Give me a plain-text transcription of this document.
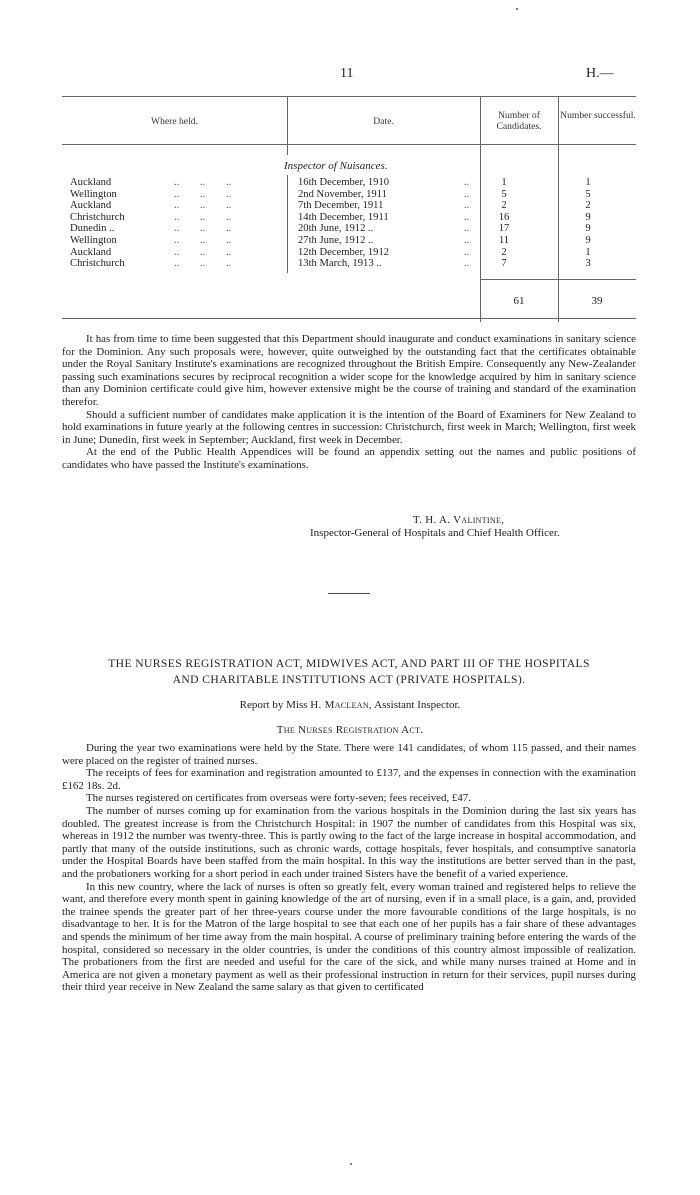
11	H.—
Where held.	Date.
Number of Candidates.
Number successful.
Inspector of Nuisances.
Auckland	.. .. ..	16th December, 1910	..	1	1
Wellington	.. .. ..	2nd November, 1911	..	5	5
Auckland	.. .. ..	7th December, 1911	..	2	2
Christchurch	.. .. ..	14th December, 1911	..	16	9
Dunedin ..	.. .. ..	20th June, 1912 ..	..	17	9
Wellington	.. .. ..	27th June, 1912 ..	..	11	9
Auckland	.. .. ..	12th December, 1912	..	2	1
Christchurch	.. .. ..	13th March, 1913 ..	..	7	3
61	39

It has from time to time been suggested that this Department should inaugurate and conduct examinations in sanitary science for the Dominion. Any such proposals were, however, quite outweighed by the outstanding fact that the certificates obtainable under the Royal Sanitary Institute's examinations are recognized throughout the British Empire. Consequently any New-Zealander passing such examinations secures by reciprocal recognition a wider scope for the knowledge acquired by him in sanitary science than any Dominion certificate could give him, however extensive might be the course of training and standard of the examination therefor.

Should a sufficient number of candidates make application it is the intention of the Board of Examiners for New Zealand to hold examinations in future yearly at the following centres in succession: Christchurch, first week in March; Wellington, first week in June; Dunedin, first week in September; Auckland, first week in December.

At the end of the Public Health Appendices will be found an appendix setting out the names and public positions of candidates who have passed the Institute's examinations.

T. H. A. Valintine,
Inspector-General of Hospitals and Chief Health Officer.
THE NURSES REGISTRATION ACT, MIDWIVES ACT, AND PART III OF THE HOSPITALS
AND CHARITABLE INSTITUTIONS ACT (PRIVATE HOSPITALS).
Report by Miss H. Maclean, Assistant Inspector.
The Nurses Registration Act.

During the year two examinations were held by the State. There were 141 candidates, of whom 115 passed, and their names were placed on the register of trained nurses.

The receipts of fees for examination and registration amounted to £137, and the expenses in connection with the examination £162 18s. 2d.

The nurses registered on certificates from overseas were forty-seven; fees received, £47.

The number of nurses coming up for examination from the various hospitals in the Dominion during the last six years has doubled. The greatest increase is from the Christchurch Hospital: in 1907 the number of candidates from this Hospital was six, whereas in 1912 the number was twenty-three. This is partly owing to the fact of the large increase in hospital accommodation, and partly that many of the outside institutions, such as chronic wards, cottage hospitals, fever hospitals, and consumptive sanatoria under the Hospital Boards have been staffed from the main hospital. In this way the institutions are better served than in the past, and the probationers working for a short period in each under trained Sisters have the benefit of a varied experience.

In this new country, where the lack of nurses is often so greatly felt, every woman trained and registered helps to relieve the want, and therefore every month spent in gaining knowledge of the art of nursing, even if in a small place, is a gain, and, provided the trainee spends the greater part of her three-years course under the more favourable conditions of the large hospitals, is no disadvantage to her. It is for the Matron of the large hospital to see that each one of her pupils has a fair share of these advantages and spends the minimum of her time away from the main hospital. A course of preliminary training before entering the wards of the hospital, considered so necessary in the older countries, is under the conditions of this country almost impossible of realization. The probationers from the first are needed and useful for the care of the sick, and while many nurses trained at Home and in America are not given a monetary payment as well as their professional instruction in return for their services, pupil nurses during their third year receive in New Zealand the same salary as that given to certificated
